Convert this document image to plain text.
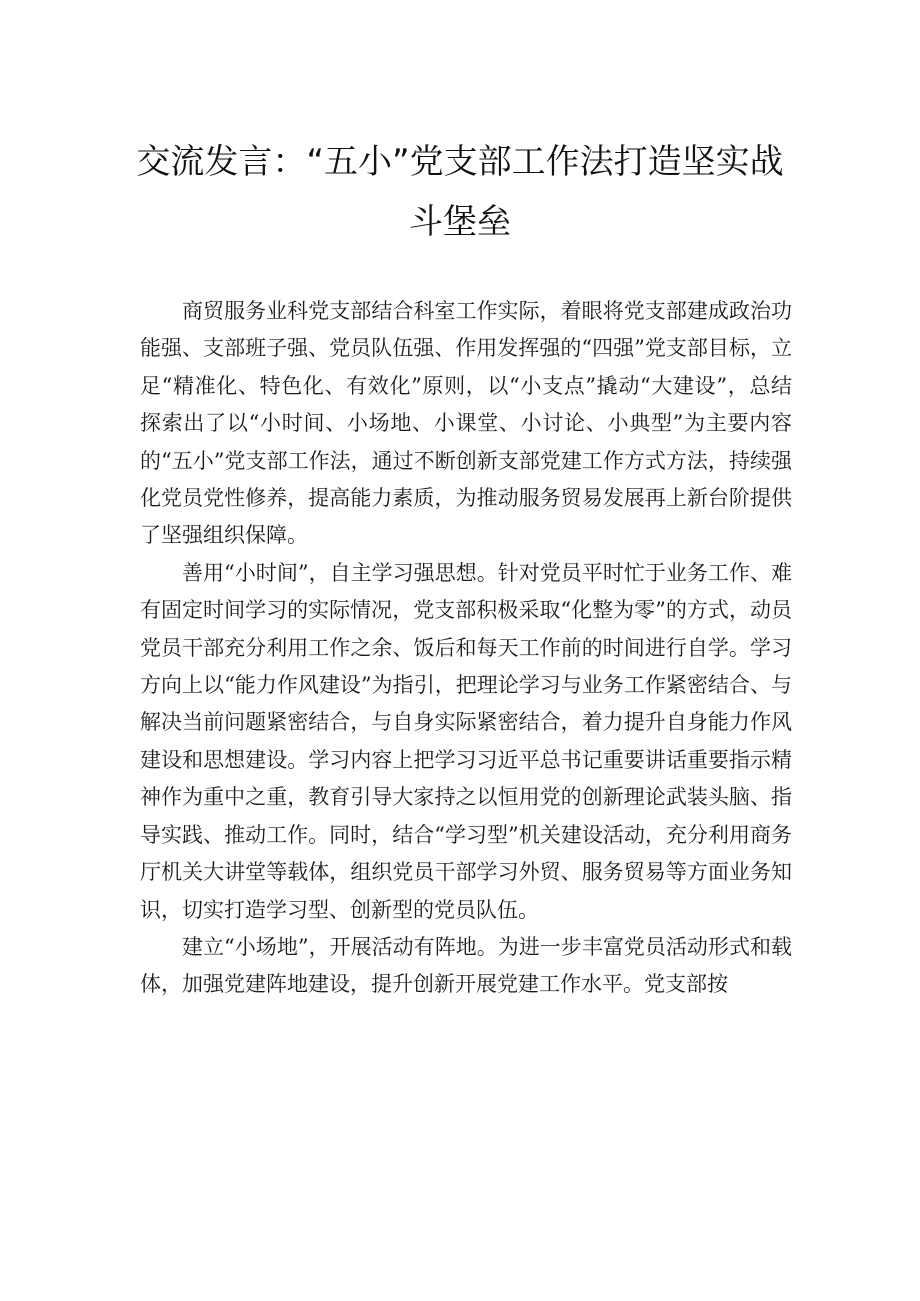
交流发言：“五小”党支部工作法打造坚实战
斗堡垒

商贸服务业科党支部结合科室工作实际，着眼将党支部建成政治功能强、支部班子强、党员队伍强、作用发挥强的“四强”党支部目标，立足“精准化、特色化、有效化”原则，以“小支点”撬动“大建设”，总结探索出了以“小时间、小场地、小课堂、小讨论、小典型”为主要内容的“五小”党支部工作法，通过不断创新支部党建工作方式方法，持续强化党员党性修养，提高能力素质，为推动服务贸易发展再上新台阶提供了坚强组织保障。

善用“小时间”，自主学习强思想。针对党员平时忙于业务工作、难有固定时间学习的实际情况，党支部积极采取“化整为零”的方式，动员党员干部充分利用工作之余、饭后和每天工作前的时间进行自学。学习方向上以“能力作风建设”为指引，把理论学习与业务工作紧密结合、与解决当前问题紧密结合，与自身实际紧密结合，着力提升自身能力作风建设和思想建设。学习内容上把学习习近平总书记重要讲话重要指示精神作为重中之重，教育引导大家持之以恒用党的创新理论武装头脑、指导实践、推动工作。同时，结合“学习型”机关建设活动，充分利用商务厅机关大讲堂等载体，组织党员干部学习外贸、服务贸易等方面业务知识，切实打造学习型、创新型的党员队伍。

建立“小场地”，开展活动有阵地。为进一步丰富党员活动形式和载体，加强党建阵地建设，提升创新开展党建工作水平。党支部按
